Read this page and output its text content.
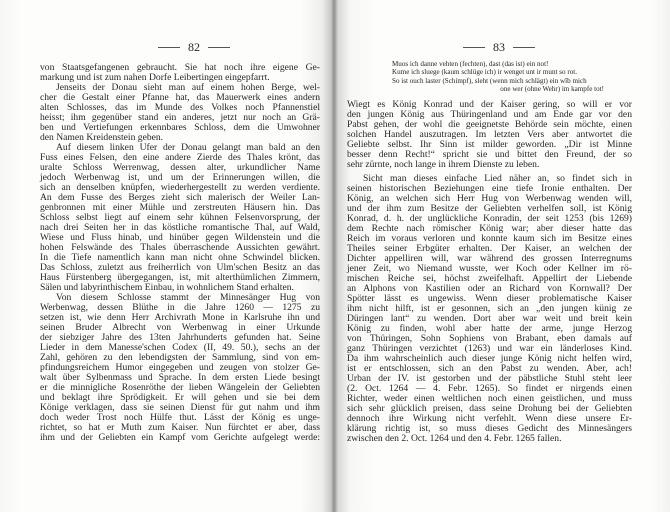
82	83
von Staatsgefangenen gebraucht. Sie hat noch ihre eigene Ge-
markung und ist zum nahen Dorfe Leibertingen eingepfarrt.
Jenseits der Donau sieht man auf einem hohen Berge, wel-
cher die Gestalt einer Pfanne hat, das Mauerwerk eines andern
alten Schlosses, das im Munde des Volkes noch Pfannenstiel
heisst; ihm gegenüber stand ein anderes, jetzt nur noch an Grä-
ben und Vertiefungen erkennbares Schloss, dem die Umwohner
den Namen Kreidenstein geben.
Auf diesem linken Ufer der Donau gelangt man bald an den
Fuss eines Felsen, den eine andere Zierde des Thales krönt, das
uralte Schloss Werrenwag, dessen alter, urkundlicher Name
jedoch Werbenwag ist, und um der Erinnerungen willen, die
sich an denselben knüpfen, wiederhergestellt zu werden verdiente.
An dem Fusse des Berges zieht sich malerisch der Weiler Lan-
genbronnen mit einer Mühle und zerstreuten Häusern hin. Das
Schloss selbst liegt auf einem sehr kühnen Felsenvorsprung, der
nach drei Seiten her in das köstliche romantische Thal, auf Wald,
Wiese und Fluss hinab, und hinüber gegen Wildenstein und die
hohen Felswände des Thales überraschende Aussichten gewährt.
In die Tiefe namentlich kann man nicht ohne Schwindel blicken.
Das Schloss, zuletzt aus freiherrlich von Ulm'schen Besitz an das
Haus Fürstenberg übergegangen, ist, mit alterthümlichen Zimmern,
Sälen und labyrinthischem Einbau, in wohnlichem Stand erhalten.
Von diesem Schlosse stammt der Minnesänger Hug von
Werbenwag, dessen Blüthe in die Jahre 1260 — 1275 zu
setzen ist, wie denn Herr Archivrath Mone in Karlsruhe ihn und
seinen Bruder Albrecht von Werbenwag in einer Urkunde
der siebziger Jahre des 13ten Jahrhunderts gefunden hat. Seine
Lieder in dem Manesse'schen Codex (II, 49. 50.), sechs an der
Zahl, gehören zu den lebendigsten der Sammlung, sind von em-
pfindungsreichem Humor eingegeben und zeugen von stolzer Ge-
walt über Sylbenmass und Sprache. In dem ersten Liede besingt
er die minnigliche Rosenröthe der lieben Wängelein der Geliebten
und beklagt ihre Sprödigkeit. Er will gehen und sie bei dem
Könige verklagen, dass sie seinen Dienst für gut nahm und ihm
doch weder Trost noch Hülfe thut. Lässt der König es unge-
richtet, so hat er Muth zum Kaiser. Nun fürchtet er aber, dass
ihm und der Geliebten ein Kampf vom Gerichte aufgelegt werde:
Muos ich danne vehten (fechten), dast (das ist) ein not!
Kume ich sluege (kaum schlüge ich) ir wenget unt ir munt so rot.
So ist ouch laster (Schimpf), sleht (wenn mich schlägt) ein wîb mich
one wer (ohne Wehr) im kampfe tot!
Wiegt es König Konrad und der Kaiser gering, so will er vor
den jungen König aus Thüringenland und am Ende gar vor den
Pabst gehen, der wohl die geeignetste Behörde sein möchte, einen
solchen Handel auszutragen. Im letzten Vers aber antwortet die
Geliebte selbst. Ihr Sinn ist milder geworden. „Dir ist Minne
besser denn Recht!“ spricht sie und bittet den Freund, der so
sehr zürnte, noch lange in ihrem Dienste zu leben.
Sicht man dieses einfache Lied näher an, so findet sich in
seinen historischen Beziehungen eine tiefe Ironie enthalten. Der
König, an welchen sich Herr Hug von Werbenwag wenden will,
und der ihm zum Besitze der Geliebten verhelfen soll, ist König
Konrad, d. h. der unglückliche Konradin, der seit 1253 (bis 1269)
dem Rechte nach römischer König war; aber dieser hatte das
Reich im voraus verloren und konnte kaum sich im Besitze eines
Theiles seiner Erbgüter erhalten. Der Kaiser, an welchen der
Dichter appelliren will, war während des grossen Interregnums
jener Zeit, wo Niemand wusste, wer Koch oder Kellner im rö-
mischen Reiche sei, höchst zweifelhaft. Appellirt der Liebende
an Alphons von Kastilien oder an Richard von Kornwall? Der
Spötter lässt es ungewiss. Wenn dieser problematische Kaiser
ihm nicht hilft, ist er gesonnen, sich an „den jungen künig ze
Düringen lant“ zu wenden. Dort aber war weit und breit kein
König zu finden, wohl aber hatte der arme, junge Herzog
von Thüringen, Sohn Sophiens von Brabant, eben damals auf
ganz Thüringen verzichtet (1263) und war ein länderloses Kind.
Da ihm wahrscheinlich auch dieser junge König nicht helfen wird,
ist er entschlossen, sich an den Pabst zu wenden. Aber, ach!
Urban der IV. ist gestorben und der päbstliche Stuhl steht leer
(2. Oct. 1264 — 4. Febr. 1265). So findet er nirgends einen
Richter, weder einen weltlichen noch einen geistlichen, und muss
sich sehr glücklich preisen, dass seine Drohung bei der Geliebten
dennoch ihre Wirkung nicht verfehlt. Wenn diese unsere Er-
klärung richtig ist, so muss dieses Gedicht des Minnesängers
zwischen den 2. Oct. 1264 und den 4. Febr. 1265 fallen.
